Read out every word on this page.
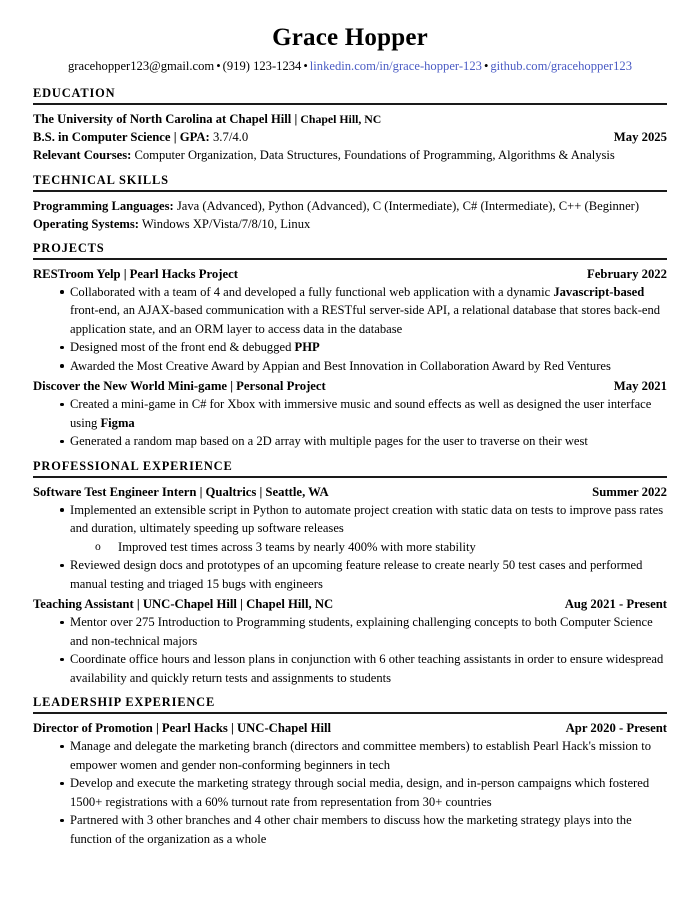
Grace Hopper
gracehopper123@gmail.com • (919) 123-1234 • linkedin.com/in/grace-hopper-123 • github.com/gracehopper123
EDUCATION
The University of North Carolina at Chapel Hill | Chapel Hill, NC
B.S. in Computer Science | GPA: 3.7/4.0	May 2025
Relevant Courses: Computer Organization, Data Structures, Foundations of Programming, Algorithms & Analysis
TECHNICAL SKILLS
Programming Languages: Java (Advanced), Python (Advanced), C (Intermediate), C# (Intermediate), C++ (Beginner)
Operating Systems: Windows XP/Vista/7/8/10, Linux
PROJECTS
RESTroom Yelp | Pearl Hacks Project	February 2022
Collaborated with a team of 4 and developed a fully functional web application with a dynamic Javascript-based front-end, an AJAX-based communication with a RESTful server-side API, a relational database that stores back-end application state, and an ORM layer to access data in the database
Designed most of the front end & debugged PHP
Awarded the Most Creative Award by Appian and Best Innovation in Collaboration Award by Red Ventures
Discover the New World Mini-game | Personal Project	May 2021
Created a mini-game in C# for Xbox with immersive music and sound effects as well as designed the user interface using Figma
Generated a random map based on a 2D array with multiple pages for the user to traverse on their west
PROFESSIONAL EXPERIENCE
Software Test Engineer Intern | Qualtrics | Seattle, WA	Summer 2022
Implemented an extensible script in Python to automate project creation with static data on tests to improve pass rates and duration, ultimately speeding up software releases
o Improved test times across 3 teams by nearly 400% with more stability
Reviewed design docs and prototypes of an upcoming feature release to create nearly 50 test cases and performed manual testing and triaged 15 bugs with engineers
Teaching Assistant | UNC-Chapel Hill | Chapel Hill, NC	Aug 2021 - Present
Mentor over 275 Introduction to Programming students, explaining challenging concepts to both Computer Science and non-technical majors
Coordinate office hours and lesson plans in conjunction with 6 other teaching assistants in order to ensure widespread availability and quickly return tests and assignments to students
LEADERSHIP EXPERIENCE
Director of Promotion | Pearl Hacks | UNC-Chapel Hill	Apr 2020 - Present
Manage and delegate the marketing branch (directors and committee members) to establish Pearl Hack's mission to empower women and gender non-conforming beginners in tech
Develop and execute the marketing strategy through social media, design, and in-person campaigns which fostered 1500+ registrations with a 60% turnout rate from representation from 30+ countries
Partnered with 3 other branches and 4 other chair members to discuss how the marketing strategy plays into the function of the organization as a whole
